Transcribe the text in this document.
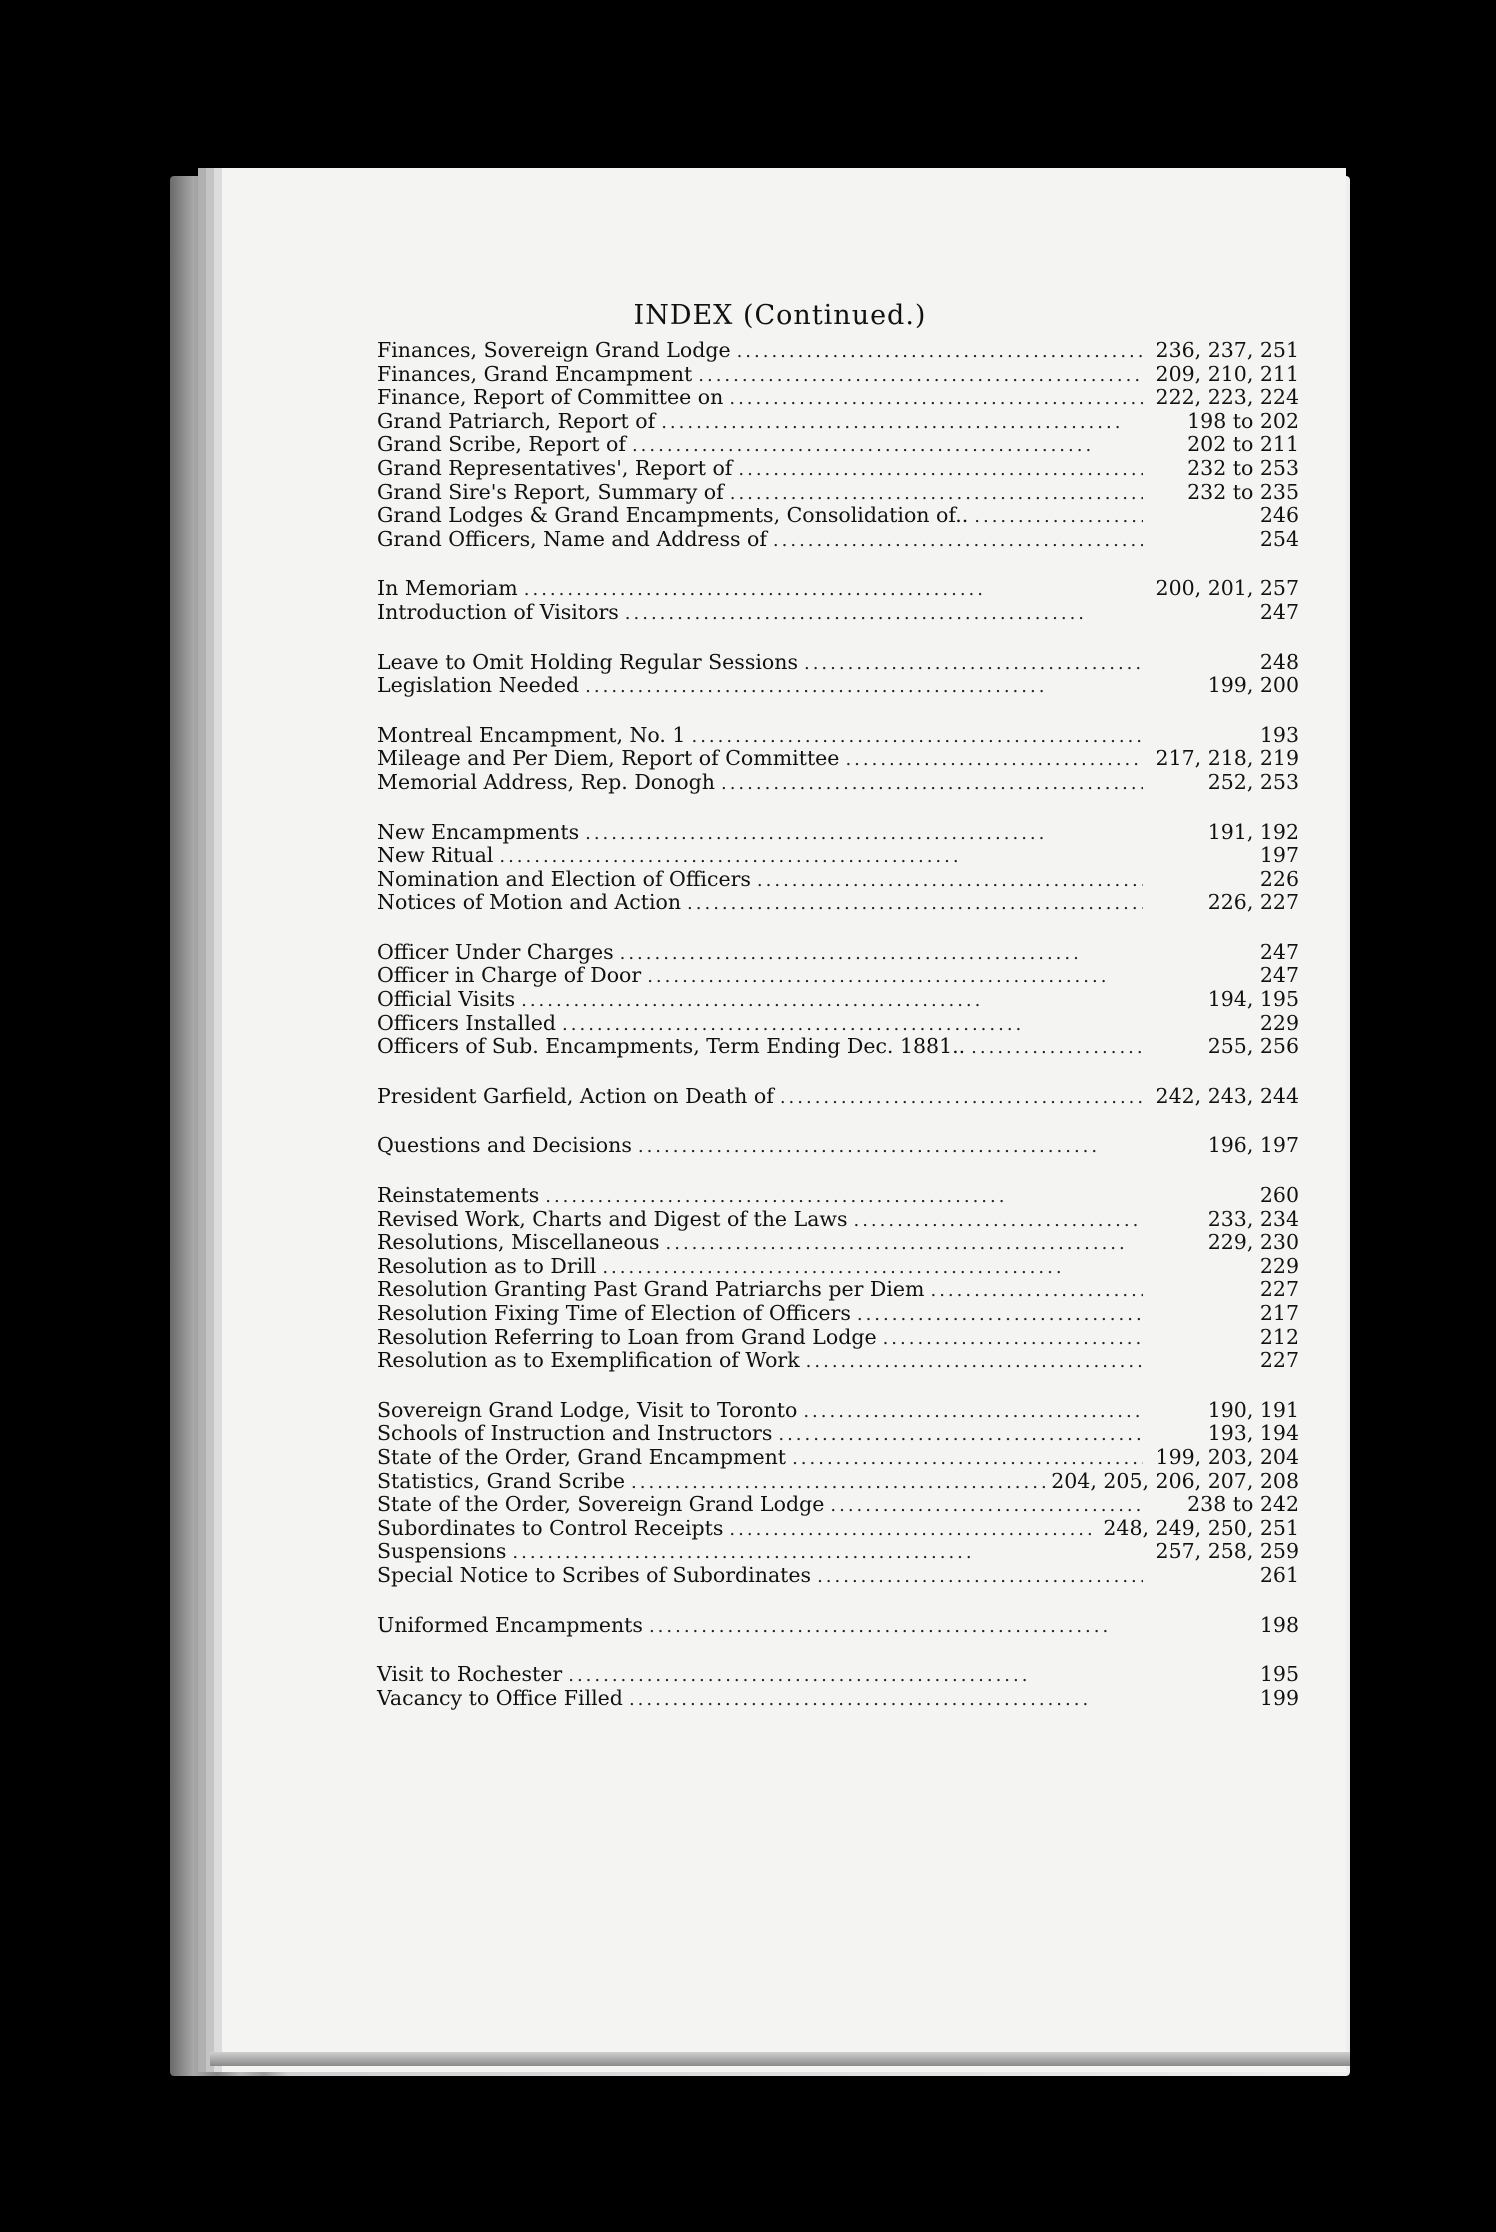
INDEX (Continued.)
Finances, Sovereign Grand Lodge .....	236, 237, 251
Finances, Grand Encampment .....	209, 210, 211
Finance, Report of Committee on .....	222, 223, 224
Grand Patriarch, Report of .....	198 to 202
Grand Scribe, Report of .....	202 to 211
Grand Representatives', Report of .....	232 to 253
Grand Sire's Report, Summary of .....	232 to 235
Grand Lodges & Grand Encampments, Consolidation of.. .....	246
Grand Officers, Name and Address of .....	254
In Memoriam .....	200, 201, 257
Introduction of Visitors .....	247
Leave to Omit Holding Regular Sessions .....	248
Legislation Needed .....	199, 200
Montreal Encampment, No. 1 .....	193
Mileage and Per Diem, Report of Committee .....	217, 218, 219
Memorial Address, Rep. Donogh .....	252, 253
New Encampments .....	191, 192
New Ritual .....	197
Nomination and Election of Officers .....	226
Notices of Motion and Action .....	226, 227
Officer Under Charges .....	247
Officer in Charge of Door .....	247
Official Visits .....	194, 195
Officers Installed .....	229
Officers of Sub. Encampments, Term Ending Dec. 1881.. .....	255, 256
President Garfield, Action on Death of .....	242, 243, 244
Questions and Decisions .....	196, 197
Reinstatements .....	260
Revised Work, Charts and Digest of the Laws .....	233, 234
Resolutions, Miscellaneous .....	229, 230
Resolution as to Drill .....	229
Resolution Granting Past Grand Patriarchs per Diem .....	227
Resolution Fixing Time of Election of Officers .....	217
Resolution Referring to Loan from Grand Lodge .....	212
Resolution as to Exemplification of Work .....	227
Sovereign Grand Lodge, Visit to Toronto .....	190, 191
Schools of Instruction and Instructors .....	193, 194
State of the Order, Grand Encampment .....	199, 203, 204
Statistics, Grand Scribe .....	204, 205, 206, 207, 208
State of the Order, Sovereign Grand Lodge .....	238 to 242
Subordinates to Control Receipts .....	248, 249, 250, 251
Suspensions .....	257, 258, 259
Special Notice to Scribes of Subordinates .....	261
Uniformed Encampments .....	198
Visit to Rochester .....	195
Vacancy to Office Filled .....	199
